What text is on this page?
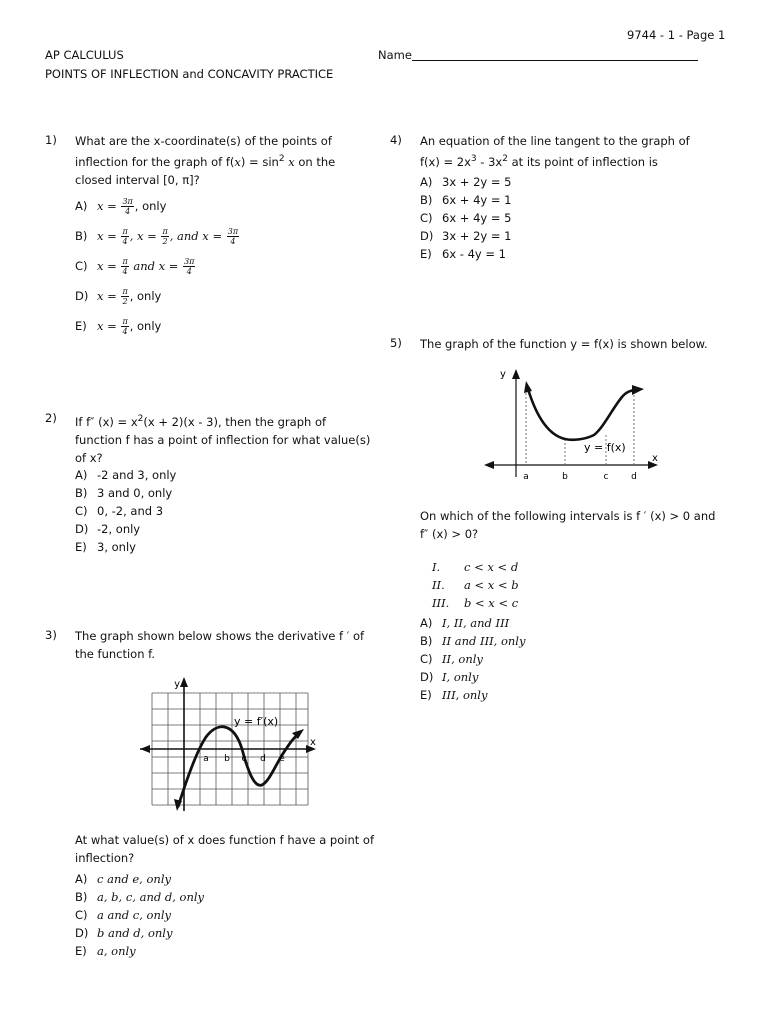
9744 - 1 - Page 1
AP CALCULUS	Name
POINTS OF INFLECTION and CONCAVITY PRACTICE
1) What are the x-coordinate(s) of the points of
inflection for the graph of $f(x) = \sin^2 x$ on the
closed interval [0, π]?
A) $x = \frac{3\pi}{4}$ , only
B) $x = \frac{\pi}{4}$ , $x = \frac{\pi}{2}$ , and $x = \frac{3\pi}{4}$
C) $x = \frac{\pi}{4}$ and $x = \frac{3\pi}{4}$
D) $x = \frac{\pi}{2}$ , only
E) $x = \frac{\pi}{4}$ , only
2) If f″ $(x) = x^2(x + 2)(x - 3)$, then the graph of
function f has a point of inflection for what value(s)
of x?
A) -2 and 3, only
B) 3 and 0, only
C) 0, -2, and 3
D) -2, only
E) 3, only
3) The graph shown below shows the derivative f ′ of
the function f.
y
x
y = f′(x)
a b c d e
At what value(s) of x does function f have a point of
inflection?
A) c and e, only
B) a, b, c, and d, only
C) a and c, only
D) b and d, only
E) a, only
4) An equation of the line tangent to the graph of
$f(x) = 2x^3 - 3x^2$ at its point of inflection is
A) 3x + 2y = 5
B) 6x + 4y = 1
C) 6x + 4y = 5
D) 3x + 2y = 1
E) 6x - 4y = 1
5) The graph of the function y = f(x) is shown below.
y
x
y = f(x)
a	b	c	d
On which of the following intervals is f ′ (x) > 0 and
f″ (x) > 0?
I. c < x < d
II. a < x < b
III. b < x < c
A) I, II, and III
B) II and III, only
C) II, only
D) I, only
E) III, only
